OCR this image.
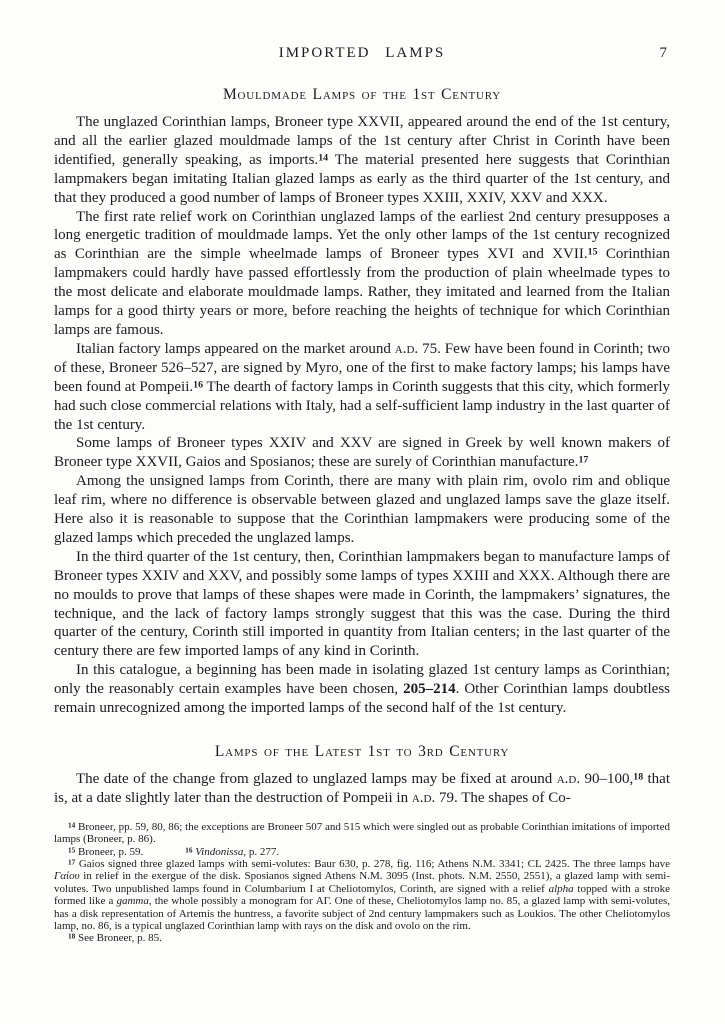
IMPORTED LAMPS	7
Mouldmade Lamps of the 1st Century

The unglazed Corinthian lamps, Broneer type XXVII, appeared around the end of the 1st century, and all the earlier glazed mouldmade lamps of the 1st century after Christ in Corinth have been identified, generally speaking, as imports.$^{14}$ The material presented here suggests that Corinthian lampmakers began imitating Italian glazed lamps as early as the third quarter of the 1st century, and that they produced a good number of lamps of Broneer types XXIII, XXIV, XXV and XXX.

The first rate relief work on Corinthian unglazed lamps of the earliest 2nd century presupposes a long energetic tradition of mouldmade lamps. Yet the only other lamps of the 1st century recognized as Corinthian are the simple wheelmade lamps of Broneer types XVI and XVII.$^{15}$ Corinthian lampmakers could hardly have passed effortlessly from the production of plain wheelmade types to the most delicate and elaborate mouldmade lamps. Rather, they imitated and learned from the Italian lamps for a good thirty years or more, before reaching the heights of technique for which Corinthian lamps are famous.

Italian factory lamps appeared on the market around a.d. 75. Few have been found in Corinth; two of these, Broneer 526–527, are signed by Myro, one of the first to make factory lamps; his lamps have been found at Pompeii.$^{16}$ The dearth of factory lamps in Corinth suggests that this city, which formerly had such close commercial relations with Italy, had a self-sufficient lamp industry in the last quarter of the 1st century.

Some lamps of Broneer types XXIV and XXV are signed in Greek by well known makers of Broneer type XXVII, Gaios and Sposianos; these are surely of Corinthian manufacture.$^{17}$

Among the unsigned lamps from Corinth, there are many with plain rim, ovolo rim and oblique leaf rim, where no difference is observable between glazed and unglazed lamps save the glaze itself. Here also it is reasonable to suppose that the Corinthian lampmakers were producing some of the glazed lamps which preceded the unglazed lamps.

In the third quarter of the 1st century, then, Corinthian lampmakers began to manufacture lamps of Broneer types XXIV and XXV, and possibly some lamps of types XXIII and XXX. Although there are no moulds to prove that lamps of these shapes were made in Corinth, the lampmakers’ signatures, the technique, and the lack of factory lamps strongly suggest that this was the case. During the third quarter of the century, Corinth still imported in quantity from Italian centers; in the last quarter of the century there are few imported lamps of any kind in Corinth.

In this catalogue, a beginning has been made in isolating glazed 1st century lamps as Corinthian; only the reasonably certain examples have been chosen, 205–214. Other Corinthian lamps doubtless remain unrecognized among the imported lamps of the second half of the 1st century.

Lamps of the Latest 1st to 3rd Century

The date of the change from glazed to unglazed lamps may be fixed at around a.d. 90–100,18 that is, at a date slightly later than the destruction of Pompeii in a.d. 79. The shapes of Co-

$^{14}$ Broneer, pp. 59, 80, 86; the exceptions are Broneer 507 and 515 which were singled out as probable Corinthian imitations of imported lamps (Broneer, p. 86).

$^{15}$ Broneer, p. 59.	$^{16}$ Vindonissa, p. 277.

$^{17}$ Gaios signed three glazed lamps with semi-volutes: Baur 630, p. 278, fig. 116; Athens N.M. 3341; CL 2425. The three lamps have Γαίου in relief in the exergue of the disk. Sposianos signed Athens N.M. 3095 (Inst. phots. N.M. 2550, 2551), a glazed lamp with semi-volutes. Two unpublished lamps found in Columbarium I at Cheliotomylos, Corinth, are signed with a relief alpha topped with a stroke formed like a gamma, the whole possibly a monogram for ΑΓ. One of these, Cheliotomylos lamp no. 85, a glazed lamp with semi-volutes, has a disk representation of Artemis the huntress, a favorite subject of 2nd century lampmakers such as Loukios. The other Cheliotomylos lamp, no. 86, is a typical unglazed Corinthian lamp with rays on the disk and ovolo on the rim.

$^{18}$ See Broneer, p. 85.
